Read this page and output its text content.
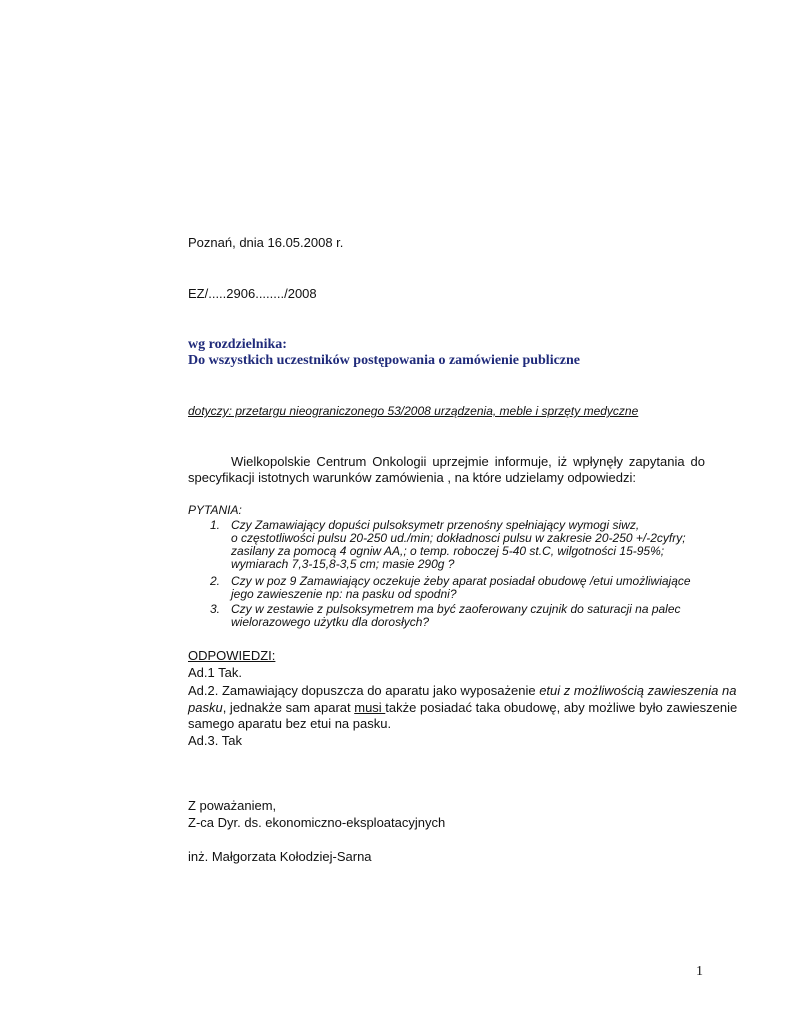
Poznań, dnia 16.05.2008 r.
EZ/.....2906......../2008
wg rozdzielnika:
Do wszystkich uczestników postępowania o zamówienie publiczne
dotyczy: przetargu nieograniczonego 53/2008 urządzenia, meble i sprzęty medyczne
Wielkopolskie Centrum Onkologii uprzejmie informuje, iż wpłynęły zapytania do
specyfikacji istotnych warunków zamówienia , na które udzielamy odpowiedzi:
PYTANIA:
1. Czy Zamawiający dopuści pulsoksymetr przenośny spełniający wymogi siwz,
o częstotliwości pulsu 20-250 ud./min; dokładnosci pulsu w zakresie 20-250 +/-2cyfry;
zasilany za pomocą 4 ogniw AA,; o temp. roboczej 5-40 st.C, wilgotności 15-95%;
wymiarach 7,3-15,8-3,5 cm; masie 290g ?
2. Czy w poz 9 Zamawiający oczekuje żeby aparat posiadał obudowę /etui umożliwiające
jego zawieszenie np: na pasku od spodni?
3. Czy w zestawie z pulsoksymetrem ma być zaoferowany czujnik do saturacji na palec
wielorazowego użytku dla dorosłych?
ODPOWIEDZI:
Ad.1 Tak.
Ad.2. Zamawiający dopuszcza do aparatu jako wyposażenie etui z możliwością zawieszenia na
pasku, jednakże sam aparat musi także posiadać taka obudowę, aby możliwe było zawieszenie
samego aparatu bez etui na pasku.
Ad.3. Tak
Z poważaniem,
Z-ca Dyr. ds. ekonomiczno-eksploatacyjnych
inż. Małgorzata Kołodziej-Sarna
1
